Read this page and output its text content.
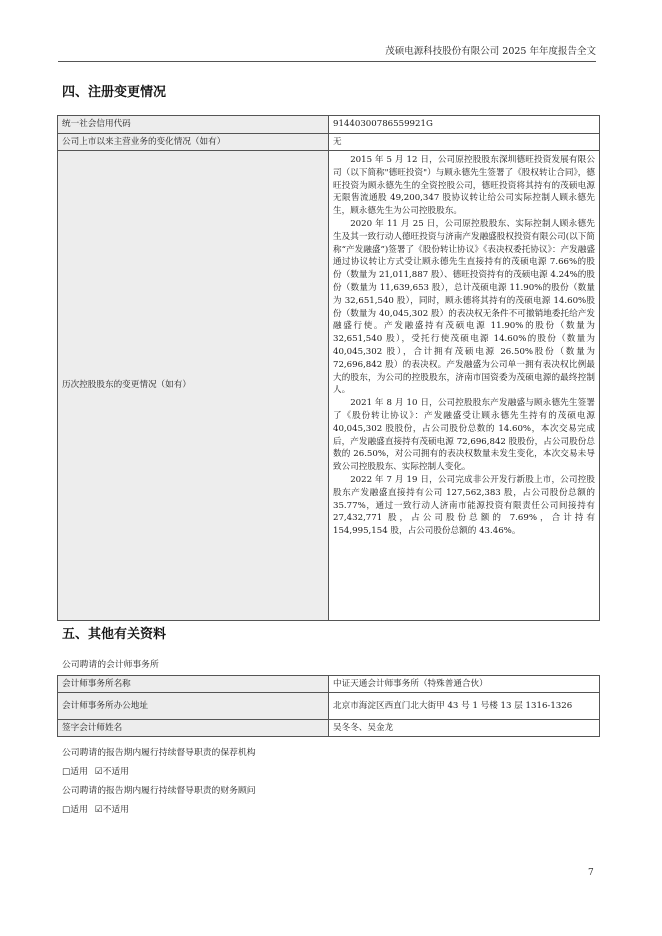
茂硕电源科技股份有限公司 2025 年年度报告全文
四、注册变更情况
统一社会信用代码	91440300786559921G
公司上市以来主营业务的变化情况（如有）	无
历次控股股东的变更情况（如有）	2015 年 5 月 12 日，公司原控股股东深圳德旺投资发展有限公司（以下简称"德旺投资"）与顾永德先生签署了《股权转让合同》，德旺投资为顾永德先生的全资控股公司，德旺投资将其持有的茂硕电源无限售流通股 49,200,347 股协议转让给公司实际控制人顾永德先生，顾永德先生为公司控股股东。
2020 年 11 月 25 日，公司原控股股东、实际控制人顾永德先生及其一致行动人德旺投资与济南产发融盛股权投资有限公司(以下简称“产发融盛”)签署了《股份转让协议》《表决权委托协议》：产发融盛通过协议转让方式受让顾永德先生直接持有的茂硕电源 7.66%的股份（数量为 21,011,887 股）、德旺投资持有的茂硕电源 4.24%的股份（数量为 11,639,653 股），总计茂硕电源 11.90%的股份（数量为 32,651,540 股），同时，顾永德将其持有的茂硕电源 14.60%股份（数量为 40,045,302 股）的表决权无条件不可撤销地委托给产发融盛行使。产发融盛持有茂硕电源 11.90%的股份（数量为 32,651,540 股），受托行使茂硕电源 14.60%的股份（数量为 40,045,302 股），合计拥有茂硕电源 26.50%股份（数量为 72,696,842 股）的表决权。产发融盛为公司单一拥有表决权比例最大的股东，为公司的控股股东，济南市国资委为茂硕电源的最终控制人。
2021 年 8 月 10 日，公司控股股东产发融盛与顾永德先生签署了《股份转让协议》：产发融盛受让顾永德先生持有的茂硕电源 40,045,302 股股份，占公司股份总数的 14.60%，本次交易完成后，产发融盛直接持有茂硕电源 72,696,842 股股份，占公司股份总数的 26.50%，对公司拥有的表决权数量未发生变化，本次交易未导致公司控股股东、实际控制人变化。
2022 年 7 月 19 日，公司完成非公开发行新股上市，公司控股股东产发融盛直接持有公司 127,562,383 股，占公司股份总额的 35.77%，通过一致行动人济南市能源投资有限责任公司间接持有 27,432,771 股，占公司股份总额的 7.69%，合计持有 154,995,154 股，占公司股份总额的 43.46%。
五、其他有关资料
公司聘请的会计师事务所
会计师事务所名称	中证天通会计师事务所（特殊普通合伙）
会计师事务所办公地址	北京市海淀区西直门北大街甲 43 号 1 号楼 13 层 1316-1326
签字会计师姓名	吴冬冬、吴金龙
公司聘请的报告期内履行持续督导职责的保荐机构
□适用 ☑不适用
公司聘请的报告期内履行持续督导职责的财务顾问
□适用 ☑不适用
7
